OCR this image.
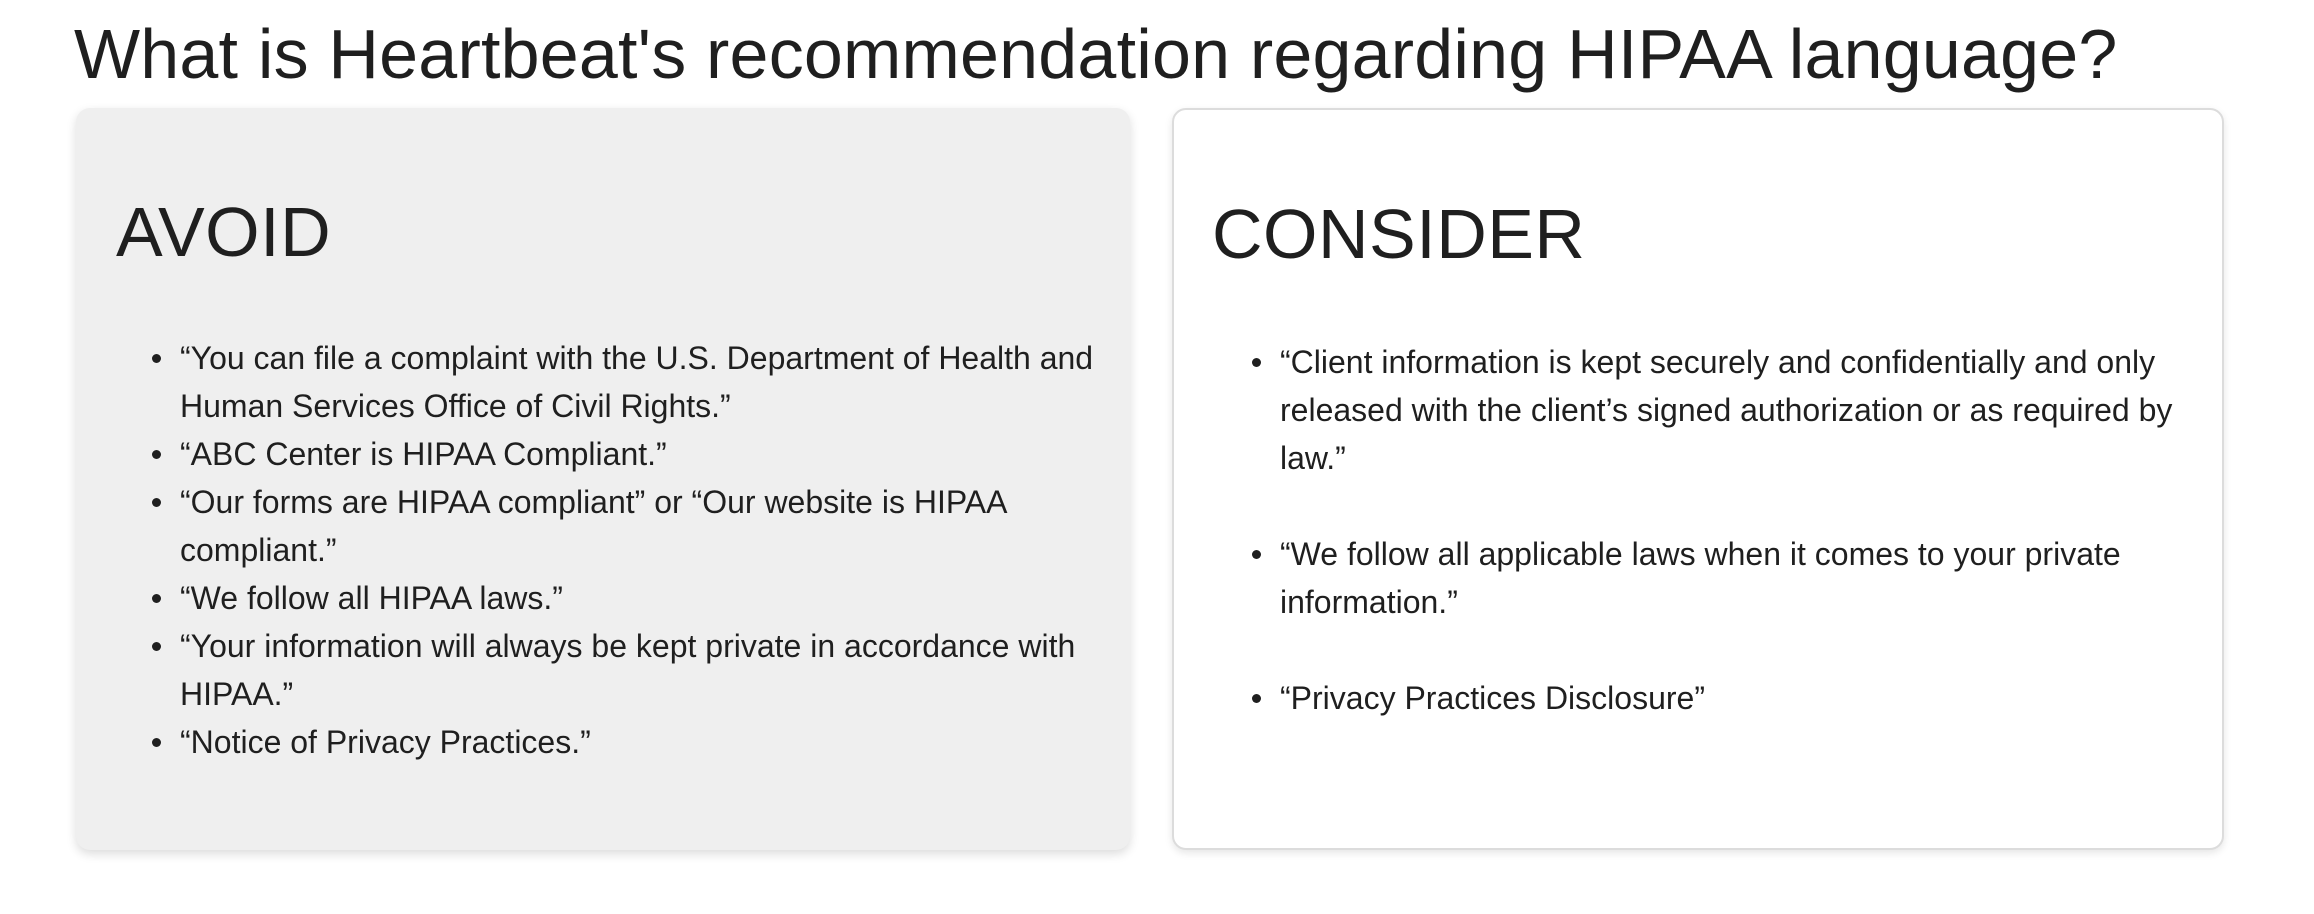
What is Heartbeat's recommendation regarding HIPAA language?
AVOID
“You can file a complaint with the U.S. Department of Health and Human Services Office of Civil Rights.”
“ABC Center is HIPAA Compliant.”
“Our forms are HIPAA compliant” or “Our website is HIPAA compliant.”
“We follow all HIPAA laws.”
“Your information will always be kept private in accordance with HIPAA.”
“Notice of Privacy Practices.”
CONSIDER
“Client information is kept securely and confidentially and only released with the client’s signed authorization or as required by law.”
“We follow all applicable laws when it comes to your private information.”
“Privacy Practices Disclosure”
